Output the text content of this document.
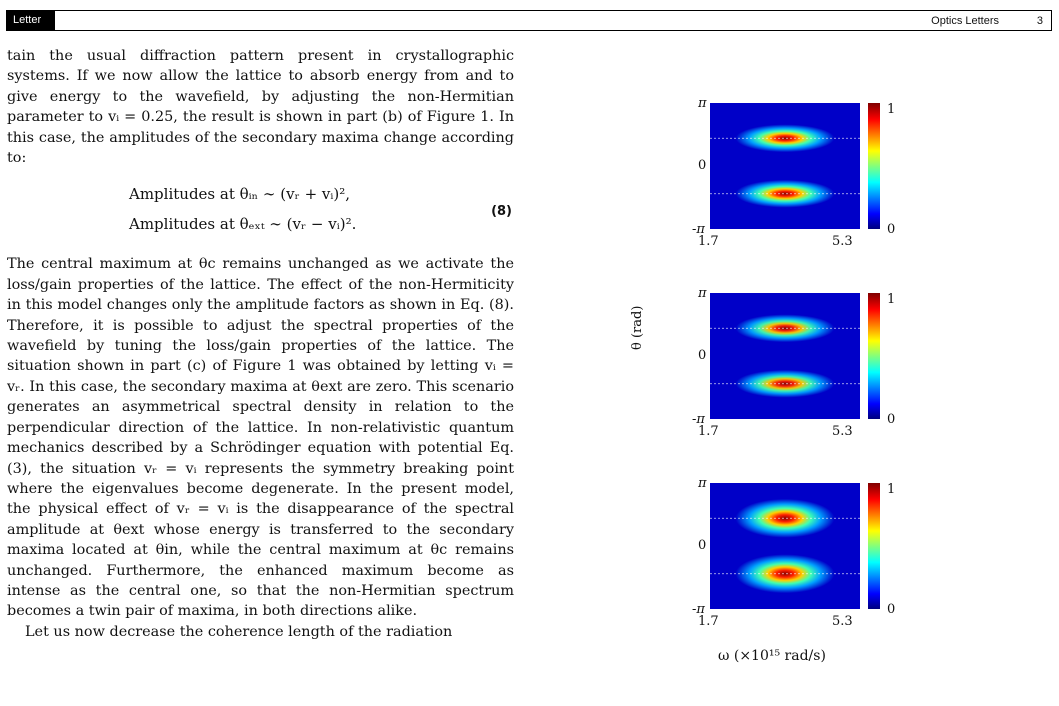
Letter	Optics Letters	3

tain the usual diffraction pattern present in crystallographic systems. If we now allow the lattice to absorb energy from and to give energy to the wavefield, by adjusting the non-Hermitian parameter to vᵢ = 0.25, the result is shown in part (b) of Figure 1. In this case, the amplitudes of the secondary maxima change according to:

Amplitudes at θᵢₙ ∼ (vᵣ + vᵢ)²,
Amplitudes at θₑₓₜ ∼ (vᵣ − vᵢ)².
(8)

The central maximum at θc remains unchanged as we activate the loss/gain properties of the lattice. The effect of the non-Hermiticity in this model changes only the amplitude factors as shown in Eq. (8). Therefore, it is possible to adjust the spectral properties of the wavefield by tuning the loss/gain properties of the lattice. The situation shown in part (c) of Figure 1 was obtained by letting vᵢ = vᵣ. In this case, the secondary maxima at θext are zero. This scenario generates an asymmetrical spectral density in relation to the perpendicular direction of the lattice. In non-relativistic quantum mechanics described by a Schrödinger equation with potential Eq. (3), the situation vᵣ = vᵢ represents the symmetry breaking point where the eigenvalues become degenerate. In the present model, the physical effect of vᵣ = vᵢ is the disappearance of the spectral amplitude at θext whose energy is transferred to the secondary maxima located at θin, while the central maximum at θc remains unchanged. Furthermore, the enhanced maximum become as intense as the central one, so that the non-Hermitian spectrum becomes a twin pair of maxima, in both directions alike.

Let us now decrease the coherence length of the radiation

π
0
-π
1.7	5.3
1
0
π
0
-π
1.7	5.3
1
0
π
0
-π
1.7	5.3
1
0
θ (rad)
ω (×10¹⁵ rad/s)
